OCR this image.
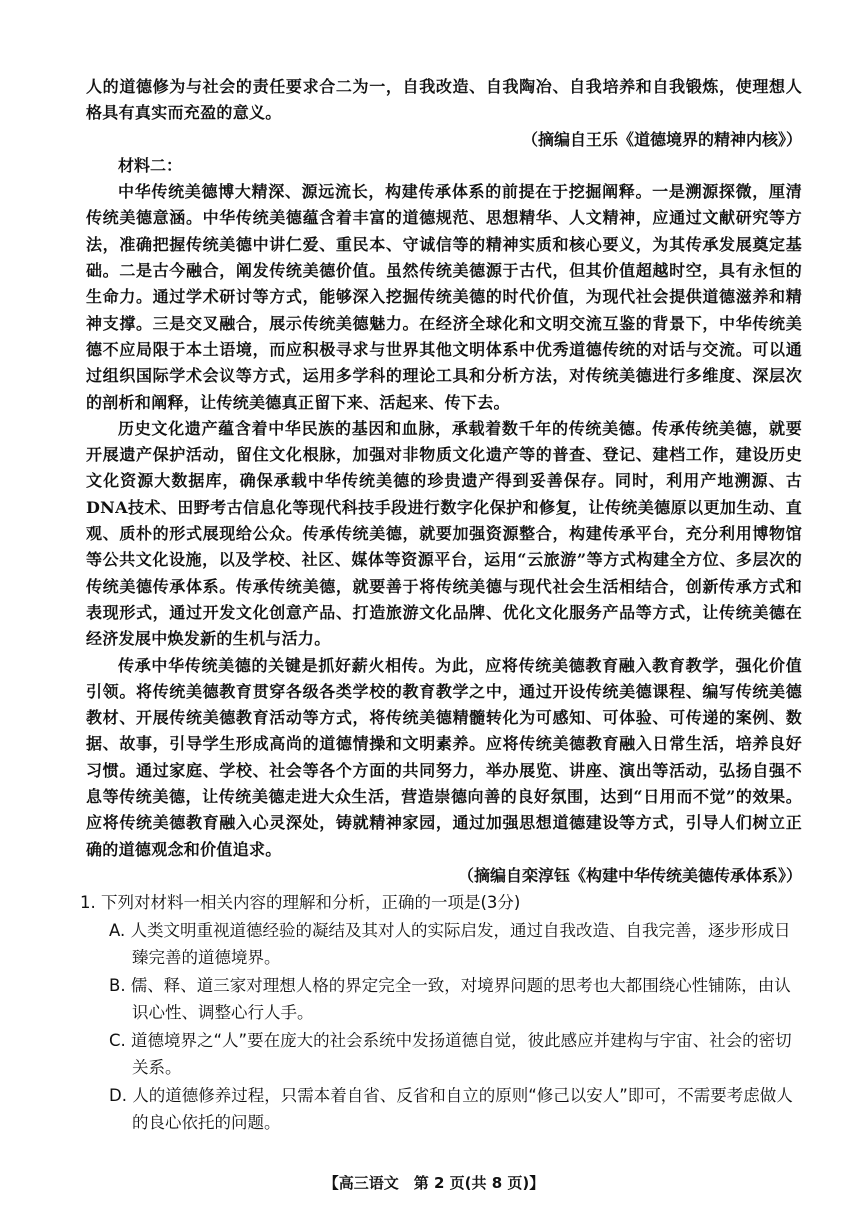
人的道德修为与社会的责任要求合二为一，自我改造、自我陶冶、自我培养和自我锻炼，使理想人格具有真实而充盈的意义。

（摘编自王乐《道德境界的精神内核》）

材料二：

中华传统美德博大精深、源远流长，构建传承体系的前提在于挖掘阐释。一是溯源探微，厘清传统美德意涵。中华传统美德蕴含着丰富的道德规范、思想精华、人文精神，应通过文献研究等方法，准确把握传统美德中讲仁爱、重民本、守诚信等的精神实质和核心要义，为其传承发展奠定基础。二是古今融合，阐发传统美德价值。虽然传统美德源于古代，但其价值超越时空，具有永恒的生命力。通过学术研讨等方式，能够深入挖掘传统美德的时代价值，为现代社会提供道德滋养和精神支撑。三是交叉融合，展示传统美德魅力。在经济全球化和文明交流互鉴的背景下，中华传统美德不应局限于本土语境，而应积极寻求与世界其他文明体系中优秀道德传统的对话与交流。可以通过组织国际学术会议等方式，运用多学科的理论工具和分析方法，对传统美德进行多维度、深层次的剖析和阐释，让传统美德真正留下来、活起来、传下去。

历史文化遗产蕴含着中华民族的基因和血脉，承载着数千年的传统美德。传承传统美德，就要开展遗产保护活动，留住文化根脉，加强对非物质文化遗产等的普查、登记、建档工作，建设历史文化资源大数据库，确保承载中华传统美德的珍贵遗产得到妥善保存。同时，利用产地溯源、古DNA技术、田野考古信息化等现代科技手段进行数字化保护和修复，让传统美德原以更加生动、直观、质朴的形式展现给公众。传承传统美德，就要加强资源整合，构建传承平台，充分利用博物馆等公共文化设施，以及学校、社区、媒体等资源平台，运用“云旅游”等方式构建全方位、多层次的传统美德传承体系。传承传统美德，就要善于将传统美德与现代社会生活相结合，创新传承方式和表现形式，通过开发文化创意产品、打造旅游文化品牌、优化文化服务产品等方式，让传统美德在经济发展中焕发新的生机与活力。

传承中华传统美德的关键是抓好薪火相传。为此，应将传统美德教育融入教育教学，强化价值引领。将传统美德教育贯穿各级各类学校的教育教学之中，通过开设传统美德课程、编写传统美德教材、开展传统美德教育活动等方式，将传统美德精髓转化为可感知、可体验、可传递的案例、数据、故事，引导学生形成高尚的道德情操和文明素养。应将传统美德教育融入日常生活，培养良好习惯。通过家庭、学校、社会等各个方面的共同努力，举办展览、讲座、演出等活动，弘扬自强不息等传统美德，让传统美德走进大众生活，营造崇德向善的良好氛围，达到“日用而不觉”的效果。应将传统美德教育融入心灵深处，铸就精神家园，通过加强思想道德建设等方式，引导人们树立正确的道德观念和价值追求。

（摘编自栾淳钰《构建中华传统美德传承体系》）

1. 下列对材料一相关内容的理解和分析，正确的一项是(3分)

A. 人类文明重视道德经验的凝结及其对人的实际启发，通过自我改造、自我完善，逐步形成日臻完善的道德境界。

B. 儒、释、道三家对理想人格的界定完全一致，对境界问题的思考也大都围绕心性铺陈，由认识心性、调整心行人手。

C. 道德境界之“人”要在庞大的社会系统中发扬道德自觉，彼此感应并建构与宇宙、社会的密切关系。

D. 人的道德修养过程，只需本着自省、反省和自立的原则“修己以安人”即可，不需要考虑做人的良心依托的问题。

【高三语文　第 2 页(共 8 页)】
